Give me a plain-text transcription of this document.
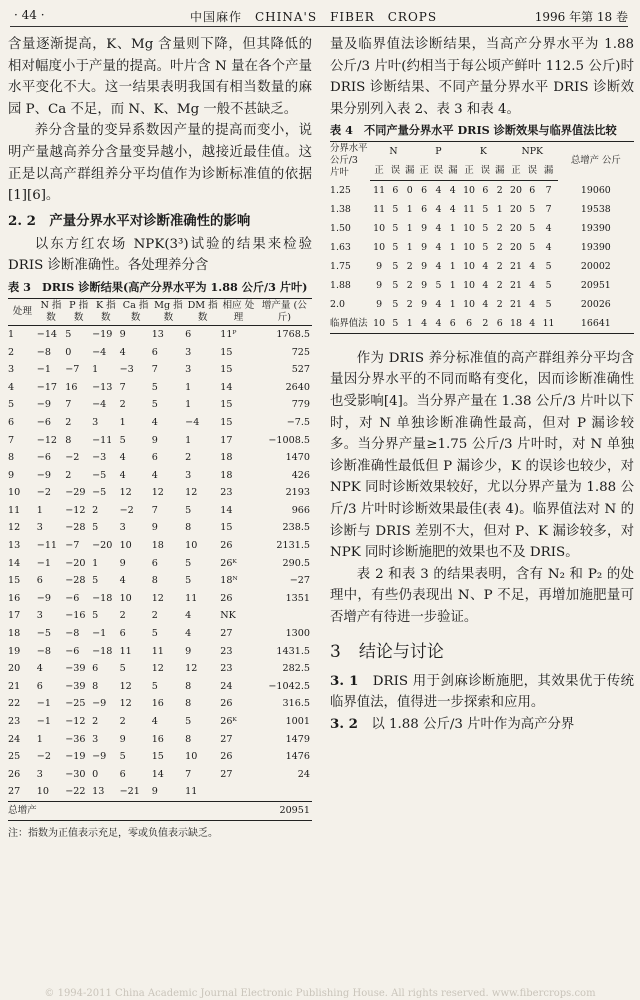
· 44 ·	中国麻作　CHINA'S　FIBER　CROPS	1996 年第 18 卷

含量逐渐提高，K、Mg 含量则下降，但其降低的相对幅度小于产量的提高。叶片含 N 量在各个产量水平变化不大。这一结果表明我国有相当数量的麻园 P、Ca 不足，而 N、K、Mg 一般不甚缺乏。

养分含量的变异系数因产量的提高而变小，说明产量越高养分含量变异越小，越接近最佳值。这正是以高产群组养分平均值作为诊断标准值的依据[1][6]。

2. 2　产量分界水平对诊断准确性的影响

以东方红农场 NPK(3³)试验的结果来检验 DRIS 诊断准确性。各处理养分含

表 3　DRIS 诊断结果(高产分界水平为 1.88 公斤/3 片叶)
处理	N 指数	P 指数	K 指数	Ca 指数	Mg 指数	DM 指数	相应 处理	增产量 (公斤)
1	−14	5	−19	9	13	6	11ᴾ	1768.5
2	−8	0	−4	4	6	3	15	725
3	−1	−7	1	−3	7	3	15	527
4	−17	16	−13	7	5	1	14	2640
5	−9	7	−4	2	5	1	15	779
6	−6	2	3	1	4	−4	15	−7.5
7	−12	8	−11	5	9	1	17	−1008.5
8	−6	−2	−3	4	6	2	18	1470
9	−9	2	−5	4	4	3	18	426
10	−2	−29	−5	12	12	12	23	2193
11	1	−12	2	−2	7	5	14	966
12	3	−28	5	3	9	8	15	238.5
13	−11	−7	−20	10	18	10	26	2131.5
14	−1	−20	1	9	6	5	26ᴷ	290.5
15	6	−28	5	4	8	5	18ᴺ	−27
16	−9	−6	−18	10	12	11	26	1351
17	3	−16	5	2	2	4	NK	
18	−5	−8	−1	6	5	4	27	1300
19	−8	−6	−18	11	11	9	23	1431.5
20	4	−39	6	5	12	12	23	282.5
21	6	−39	8	12	5	8	24	−1042.5
22	−1	−25	−9	12	16	8	26	316.5
23	−1	−12	2	2	4	5	26ᴷ	1001
24	1	−36	3	9	16	8	27	1479
25	−2	−19	−9	5	15	10	26	1476
26	3	−30	0	6	14	7	27	24
27	10	−22	13	−21	9	11		
总增产								20951
注：指数为正值表示充足，零或负值表示缺乏。

量及临界值法诊断结果，当高产分界水平为 1.88 公斤/3 片叶(约相当于每公顷产鲜叶 112.5 公斤)时 DRIS 诊断结果、不同产量分界水平 DRIS 诊断效果分别列入表 2、表 3 和表 4。

表 4　不同产量分界水平 DRIS 诊断效果与临界值法比较
分界水平 公斤/3 片叶	N			P			K			NPK			总增产 公斤
	正	误	漏	正	误	漏	正	误	漏	正	误	漏	
1.25	11	6	0	6	4	4	10	6	2	20	6	7	19060
1.38	11	5	1	6	4	4	11	5	1	20	5	7	19538
1.50	10	5	1	9	4	1	10	5	2	20	5	4	19390
1.63	10	5	1	9	4	1	10	5	2	20	5	4	19390
1.75	9	5	2	9	4	1	10	4	2	21	4	5	20002
1.88	9	5	2	9	5	1	10	4	2	21	4	5	20951
2.0	9	5	2	9	4	1	10	4	2	21	4	5	20026
临界值法	10	5	1	4	4	6	6	2	6	18	4	11	16641

作为 DRIS 养分标准值的高产群组养分平均含量因分界水平的不同而略有变化，因而诊断准确性也受影响[4]。当分界产量在 1.38 公斤/3 片叶以下时，对 N 单独诊断准确性最高，但对 P 漏诊较多。当分界产量≥1.75 公斤/3 片叶时，对 N 单独诊断准确性最低但 P 漏诊少，K 的误诊也较少，对 NPK 同时诊断效果较好，尤以分界产量为 1.88 公斤/3 片叶时诊断效果最佳(表 4)。临界值法对 N 的诊断与 DRIS 差别不大，但对 P、K 漏诊较多，对 NPK 同时诊断施肥的效果也不及 DRIS。

表 2 和表 3 的结果表明，含有 N₂ 和 P₂ 的处理中，有些仍表现出 N、P 不足，再增加施肥量可否增产有待进一步验证。

3 结论与讨论

3. 1　 DRIS 用于剑麻诊断施肥，其效果优于传统临界值法，值得进一步探索和应用。

3. 2　 以 1.88 公斤/3 片叶作为高产分界

© 1994-2011 China Academic Journal Electronic Publishing House. All rights reserved. www.fibercrops.com
